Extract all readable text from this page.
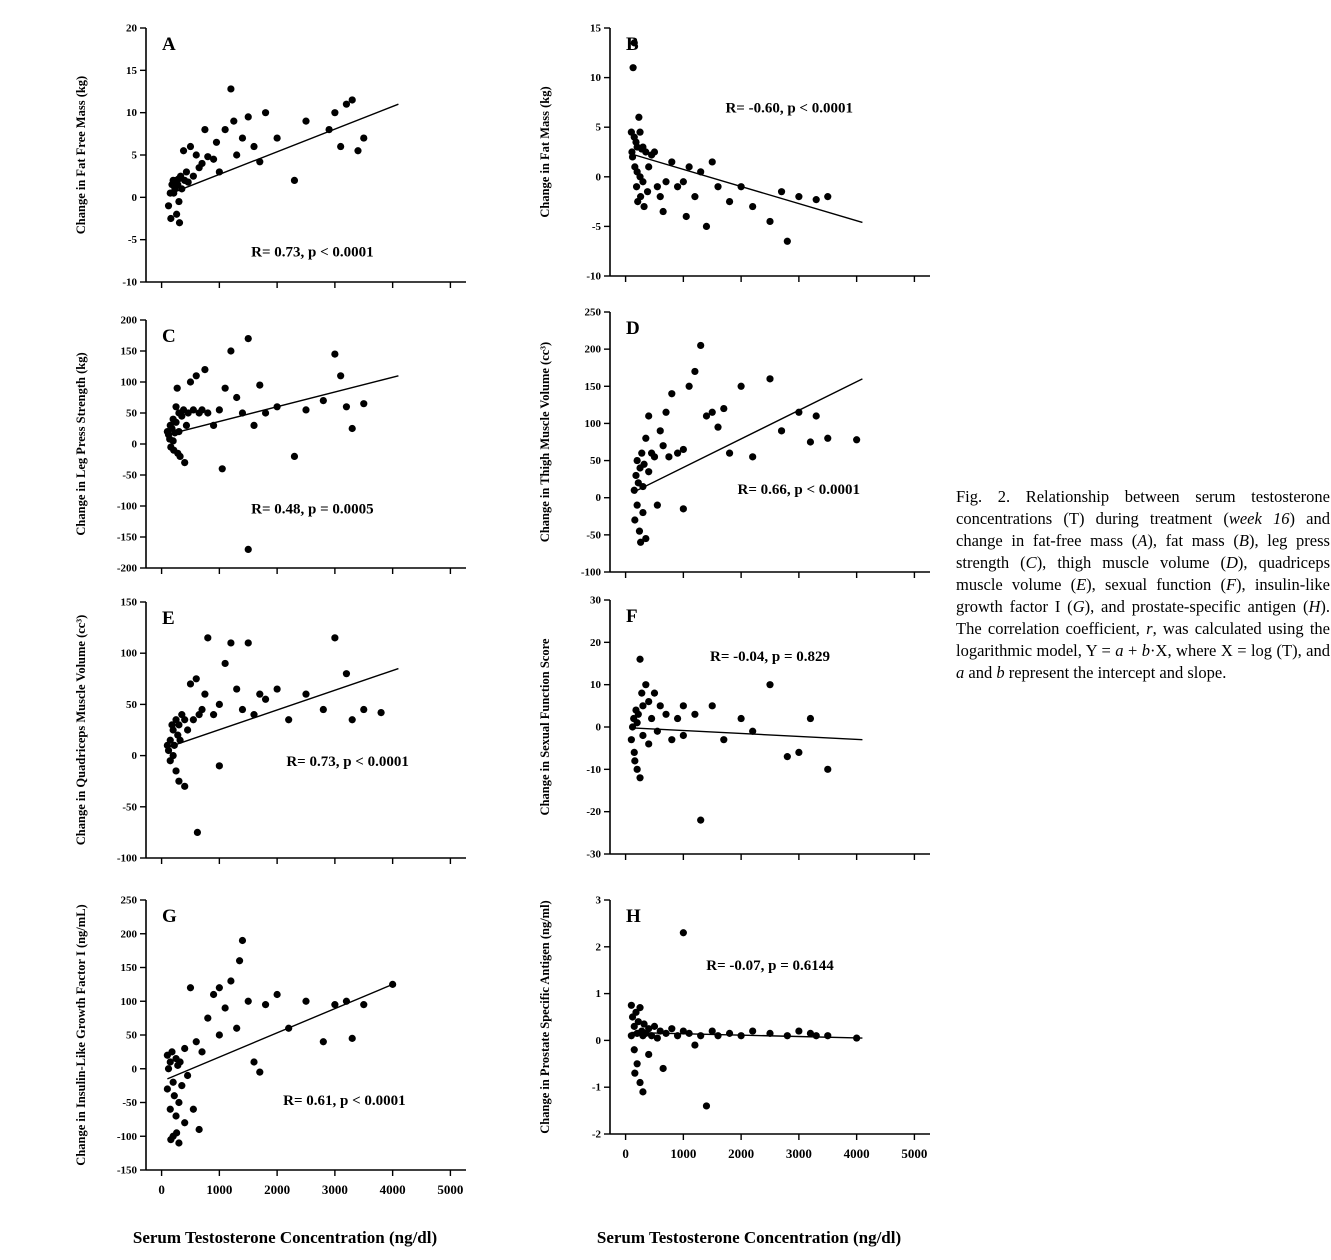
20
15
10
5
0
-5
-10
A
R= 0.73, p < 0.0001
Change in Fat Free Mass (kg)
15
10
5
0
-5
-10
B
R= -0.60, p < 0.0001
Change in Fat Mass (kg)
200
150
100
50
0
-50
-100
-150
-200
C
R= 0.48, p = 0.0005
Change in Leg Press Strength (kg)
250
200
150
100
50
0
-50
-100
D
R= 0.66, p < 0.0001
Change in Thigh Muscle Volume (cc³)
150
100
50
0
-50
-100
E
R= 0.73, p < 0.0001
Change in Quadriceps Muscle Volume (cc³)
30
20
10
0
-10
-20
-30
F
R= -0.04, p = 0.829
Change in Sexual Function Score
250
200
150
100
50
0
-50
-100
-150
0	1000 2000 3000 4000 5000
G
R= 0.61, p < 0.0001
Change in Insulin-Like Growth Factor I (ng/mL)
3
2
1
0
-1
-2
0	1000 2000 3000 4000 5000
H
R= -0.07, p = 0.6144
Change in Prostate Specific Antigen (ng/ml)
Serum Testosterone Concentration (ng/dl)	Serum Testosterone Concentration (ng/dl)
Fig. 2. Relationship between serum testosterone concentrations (T) during treatment (week 16) and change in fat-free mass (A), fat mass (B), leg press strength (C), thigh muscle volume (D), quadriceps muscle volume (E), sexual function (F), insulin-like growth factor I (G), and prostate-specific antigen (H). The correlation coefficient, r, was calculated using the logarithmic model, Y = a + b·X, where X = log (T), and a and b represent the intercept and slope.
